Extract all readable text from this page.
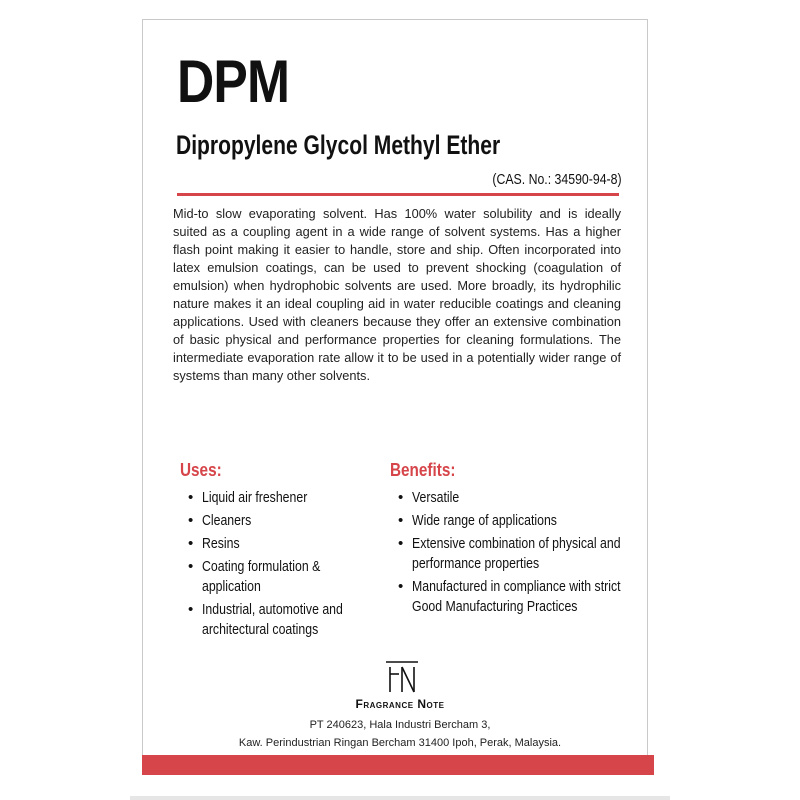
DPM
Dipropylene Glycol Methyl Ether
(CAS. No.: 34590-94-8)

Mid-to slow evaporating solvent. Has 100% water solubility and is ideally suited as a coupling agent in a wide range of solvent systems. Has a higher flash point making it easier to handle, store and ship. Often incorporated into latex emulsion coatings, can be used to prevent shocking (coagulation of emulsion) when hydrophobic solvents are used. More broadly, its hydrophilic nature makes it an ideal coupling aid in water reducible coatings and cleaning applications. Used with cleaners because they offer an extensive combination of basic physical and performance properties for cleaning formulations. The intermediate evaporation rate allow it to be used in a potentially wider range of systems than many other solvents.

Uses:
• Liquid air freshener
• Cleaners
• Resins
• Coating formulation & application
• Industrial, automotive and architectural coatings
Benefits:
• Versatile
• Wide range of applications
• Extensive combination of physical and performance properties
• Manufactured in compliance with strict Good Manufacturing Practices
Fragrance Note
PT 240623, Hala Industri Bercham 3,
Kaw. Perindustrian Ringan Bercham 31400 Ipoh, Perak, Malaysia.
